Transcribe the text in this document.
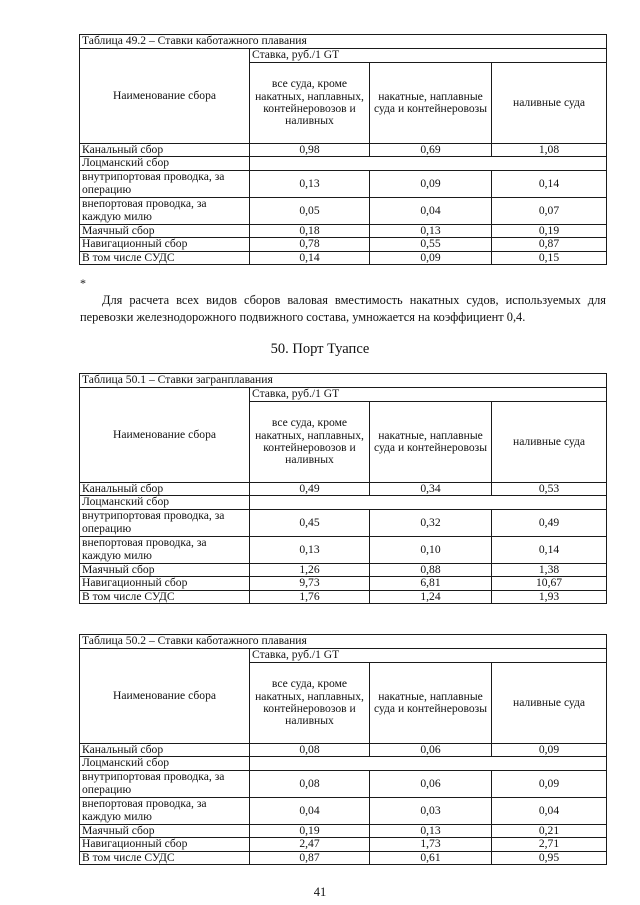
Таблица 49.2 – Ставки каботажного плавания			
Наименование сбора	Ставка, руб./1 GT		
	все суда, кроме накатных, наплавных, контейнеровозов и наливных	накатные, наплавные суда и контейнеровозы	наливные суда
Канальный сбор	0,98	0,69	1,08
Лоцманский сбор			
внутрипортовая проводка, за операцию	0,13	0,09	0,14
внепортовая проводка, за каждую милю	0,05	0,04	0,07
Маячный сбор	0,18	0,13	0,19
Навигационный сбор	0,78	0,55	0,87
В том числе СУДС	0,14	0,09	0,15
*
Для расчета всех видов сборов валовая вместимость накатных судов, используемых для перевозки железнодорожного подвижного состава, умножается на коэффициент 0,4.
50. Порт Туапсе
Таблица 50.1 – Ставки загранплавания			
Наименование сбора	Ставка, руб./1 GT		
	все суда, кроме накатных, наплавных, контейнеровозов и наливных	накатные, наплавные суда и контейнеровозы	наливные суда
Канальный сбор	0,49	0,34	0,53
Лоцманский сбор			
внутрипортовая проводка, за операцию	0,45	0,32	0,49
внепортовая проводка, за каждую милю	0,13	0,10	0,14
Маячный сбор	1,26	0,88	1,38
Навигационный сбор	9,73	6,81	10,67
В том числе СУДС	1,76	1,24	1,93
Таблица 50.2 – Ставки каботажного плавания			
Наименование сбора	Ставка, руб./1 GT		
	все суда, кроме накатных, наплавных, контейнеровозов и наливных	накатные, наплавные суда и контейнеровозы	наливные суда
Канальный сбор	0,08	0,06	0,09
Лоцманский сбор			
внутрипортовая проводка, за операцию	0,08	0,06	0,09
внепортовая проводка, за каждую милю	0,04	0,03	0,04
Маячный сбор	0,19	0,13	0,21
Навигационный сбор	2,47	1,73	2,71
В том числе СУДС	0,87	0,61	0,95
41
